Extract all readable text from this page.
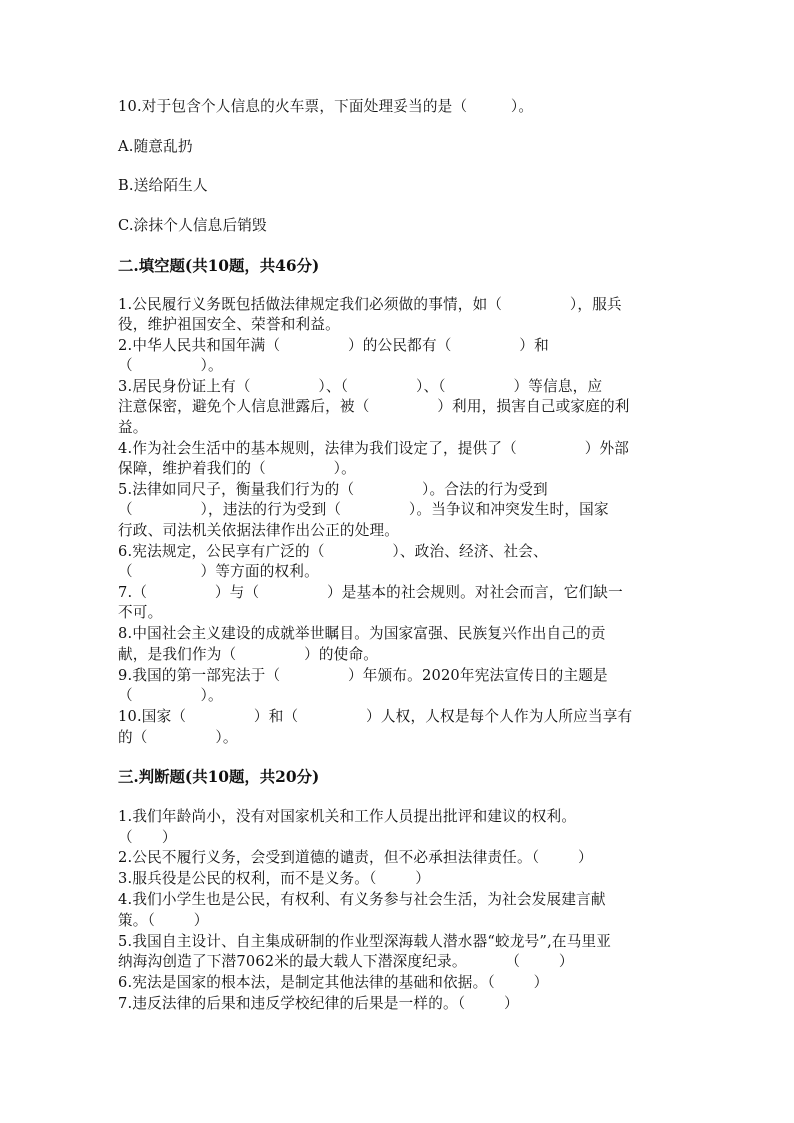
10.对于包含个人信息的火车票，下面处理妥当的是（         ）。
A.随意乱扔
B.送给陌生人
C.涂抹个人信息后销毁
二.填空题(共10题，共46分)
1.公民履行义务既包括做法律规定我们必须做的事情，如（              ），服兵
役，维护祖国安全、荣誉和利益。
2.中华人民共和国年满（              ）的公民都有（              ）和
（              ）。
3.居民身份证上有（              ）、（              ）、（              ）等信息，应
注意保密，避免个人信息泄露后，被（              ）利用，损害自己或家庭的利
益。
4.作为社会生活中的基本规则，法律为我们设定了，提供了（              ）外部
保障，维护着我们的（              ）。
5.法律如同尺子，衡量我们行为的（              ）。合法的行为受到
（              ），违法的行为受到（              ）。当争议和冲突发生时，国家
行政、司法机关依据法律作出公正的处理。
6.宪法规定，公民享有广泛的（              ）、政治、经济、社会、
（              ）等方面的权利。
7.（              ）与（              ）是基本的社会规则。对社会而言，它们缺一
不可。
8.中国社会主义建设的成就举世瞩目。为国家富强、民族复兴作出自己的贡
献，是我们作为（              ）的使命。
9.我国的第一部宪法于（              ）年颁布。2020年宪法宣传日的主题是
（              ）。
10.国家（              ）和（              ）人权，人权是每个人作为人所应当享有
的（              ）。
三.判断题(共10题，共20分)
1.我们年龄尚小，没有对国家机关和工作人员提出批评和建议的权利。
（      ）
2.公民不履行义务，会受到道德的谴责，但不必承担法律责任。（        ）
3.服兵役是公民的权利，而不是义务。（        ）
4.我们小学生也是公民，有权利、有义务参与社会生活，为社会发展建言献
策。（        ）
5.我国自主设计、自主集成研制的作业型深海载人潜水器“蛟龙号”,在马里亚
纳海沟创造了下潜7062米的最大载人下潜深度纪录。        （        ）
6.宪法是国家的根本法，是制定其他法律的基础和依据。（        ）
7.违反法律的后果和违反学校纪律的后果是一样的。（        ）
